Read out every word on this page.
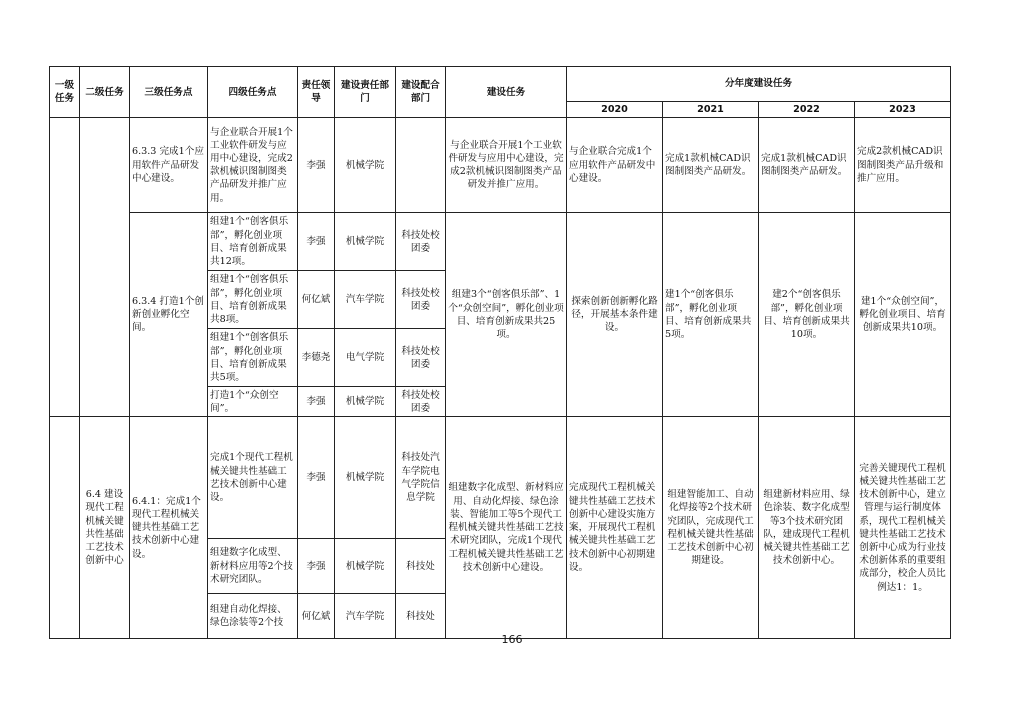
一级任务	二级任务	三级任务点	四级任务点	责任领导	建设责任部门	建设配合部门	建设任务	分年度建设任务			
								2020	2021	2022	2023
		6.3.3 完成1个应用软件产品研发中心建设。	与企业联合开展1个工业软件研发与应用中心建设，完成2款机械识图制图类产品研发并推广应用。	李强	机械学院		与企业联合开展1个工业软件研发与应用中心建设，完成2款机械识图制图类产品研发并推广应用。	与企业联合完成1个应用软件产品研发中心建设。	完成1款机械CAD识图制图类产品研发。	完成1款机械CAD识图制图类产品研发。	完成2款机械CAD识图制图类产品升级和推广应用。
		6.3.4 打造1个创新创业孵化空间。	组建1个“创客俱乐部”，孵化创业项目、培育创新成果共12项。	李强	机械学院	科技处校团委	组建3个“创客俱乐部”、1个“众创空间”，孵化创业项目、培育创新成果共25项。	探索创新创新孵化路径，开展基本条件建设。	建1个“创客俱乐部”，孵化创业项目、培育创新成果共5项。	建2个“创客俱乐部”，孵化创业项目、培育创新成果共10项。	建1个“众创空间”，孵化创业项目、培育创新成果共10项。
			组建1个“创客俱乐部”，孵化创业项目、培育创新成果共8项。	何亿斌	汽车学院	科技处校团委					
			组建1个“创客俱乐部”，孵化创业项目、培育创新成果共5项。	李德尧	电气学院	科技处校团委					
			打造1个“众创空间”。	李强	机械学院	科技处校团委					
	6.4 建设现代工程机械关键共性基础工艺技术创新中心	6.4.1：完成1个现代工程机械关键共性基础工艺技术创新中心建设。	完成1个现代工程机械关键共性基础工艺技术创新中心建设。	李强	机械学院	科技处汽车学院电气学院信息学院	组建数字化成型、新材料应用、自动化焊接、绿色涂装、智能加工等5个现代工程机械关键共性基础工艺技术研究团队，完成1个现代工程机械关键共性基础工艺技术创新中心建设。	完成现代工程机械关键共性基础工艺技术创新中心建设实施方案，开展现代工程机械关键共性基础工艺技术创新中心初期建设。	组建智能加工、自动化焊接等2个技术研究团队，完成现代工程机械关键共性基础工艺技术创新中心初期建设。	组建新材料应用、绿色涂装、数字化成型等3个技术研究团队，建成现代工程机械关键共性基础工艺技术创新中心。	完善关键现代工程机械关键共性基础工艺技术创新中心，建立管理与运行制度体系，现代工程机械关键共性基础工艺技术创新中心成为行业技术创新体系的重要组成部分，校企人员比例达1：1。
			组建数字化成型、新材料应用等2个技术研究团队。	李强	机械学院	科技处					
			组建自动化焊接、绿色涂装等2个技	何亿斌	汽车学院	科技处					
166
